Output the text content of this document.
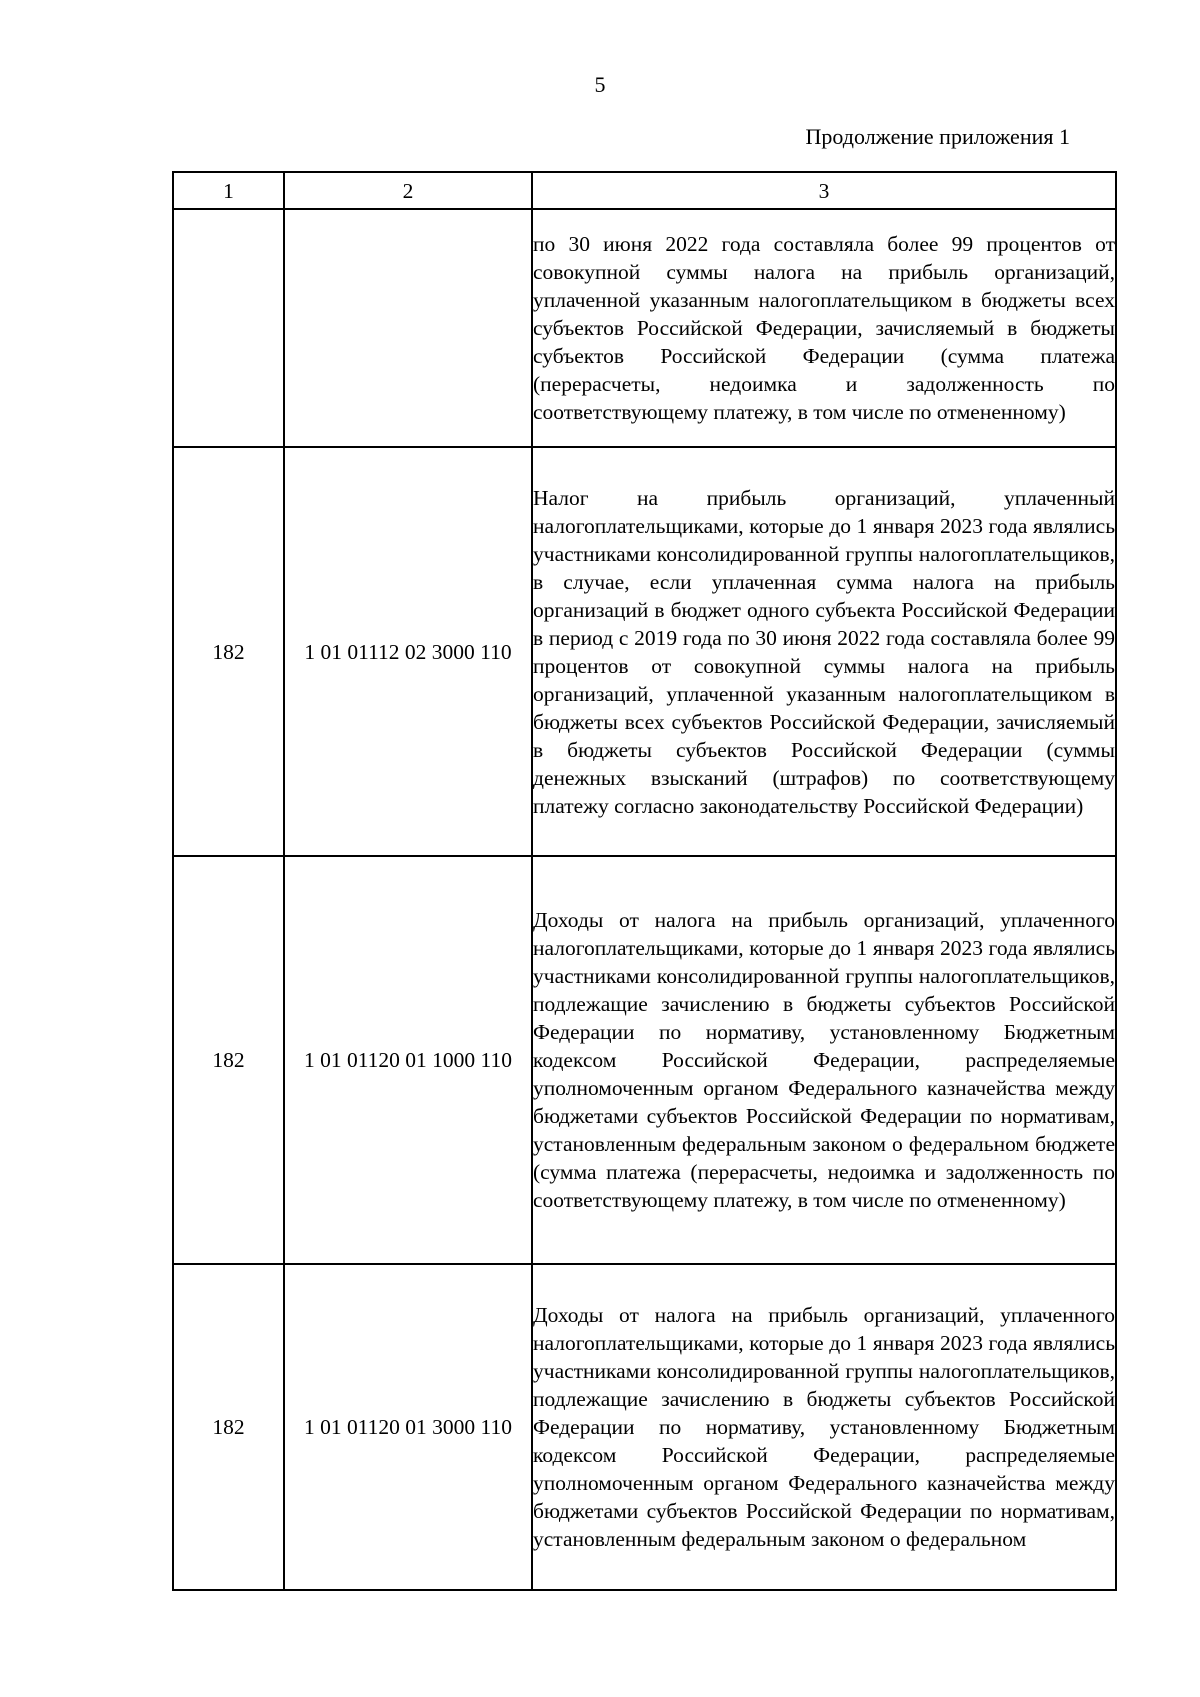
5
Продолжение приложения 1
1	2	3
		по 30 июня 2022 года составляла более 99 процентов от совокупной суммы налога на прибыль организаций, уплаченной указанным налогоплательщиком в бюджеты всех субъектов Российской Федерации, зачисляемый в бюджеты субъектов Российской Федерации (сумма платежа (перерасчеты, недоимка и задолженность по соответствующему платежу, в том числе по отмененному)
182	1 01 01112 02 3000 110	Налог на прибыль организаций, уплаченный налогоплательщиками, которые до 1 января 2023 года являлись участниками консолидированной группы налогоплательщиков, в случае, если уплаченная сумма налога на прибыль организаций в бюджет одного субъекта Российской Федерации в период с 2019 года по 30 июня 2022 года составляла более 99 процентов от совокупной суммы налога на прибыль организаций, уплаченной указанным налогоплательщиком в бюджеты всех субъектов Российской Федерации, зачисляемый в бюджеты субъектов Российской Федерации (суммы денежных взысканий (штрафов) по соответствующему платежу согласно законодательству Российской Федерации)
182	1 01 01120 01 1000 110	Доходы от налога на прибыль организаций, уплаченного налогоплательщиками, которые до 1 января 2023 года являлись участниками консолидированной группы налогоплательщиков, подлежащие зачислению в бюджеты субъектов Российской Федерации по нормативу, установленному Бюджетным кодексом Российской Федерации, распределяемые уполномоченным органом Федерального казначейства между бюджетами субъектов Российской Федерации по нормативам, установленным федеральным законом о федеральном бюджете (сумма платежа (перерасчеты, недоимка и задолженность по соответствующему платежу, в том числе по отмененному)
182	1 01 01120 01 3000 110	Доходы от налога на прибыль организаций, уплаченного налогоплательщиками, которые до 1 января 2023 года являлись участниками консолидированной группы налогоплательщиков, подлежащие зачислению в бюджеты субъектов Российской Федерации по нормативу, установленному Бюджетным кодексом Российской Федерации, распределяемые уполномоченным органом Федерального казначейства между бюджетами субъектов Российской Федерации по нормативам, установленным федеральным законом о федеральном
